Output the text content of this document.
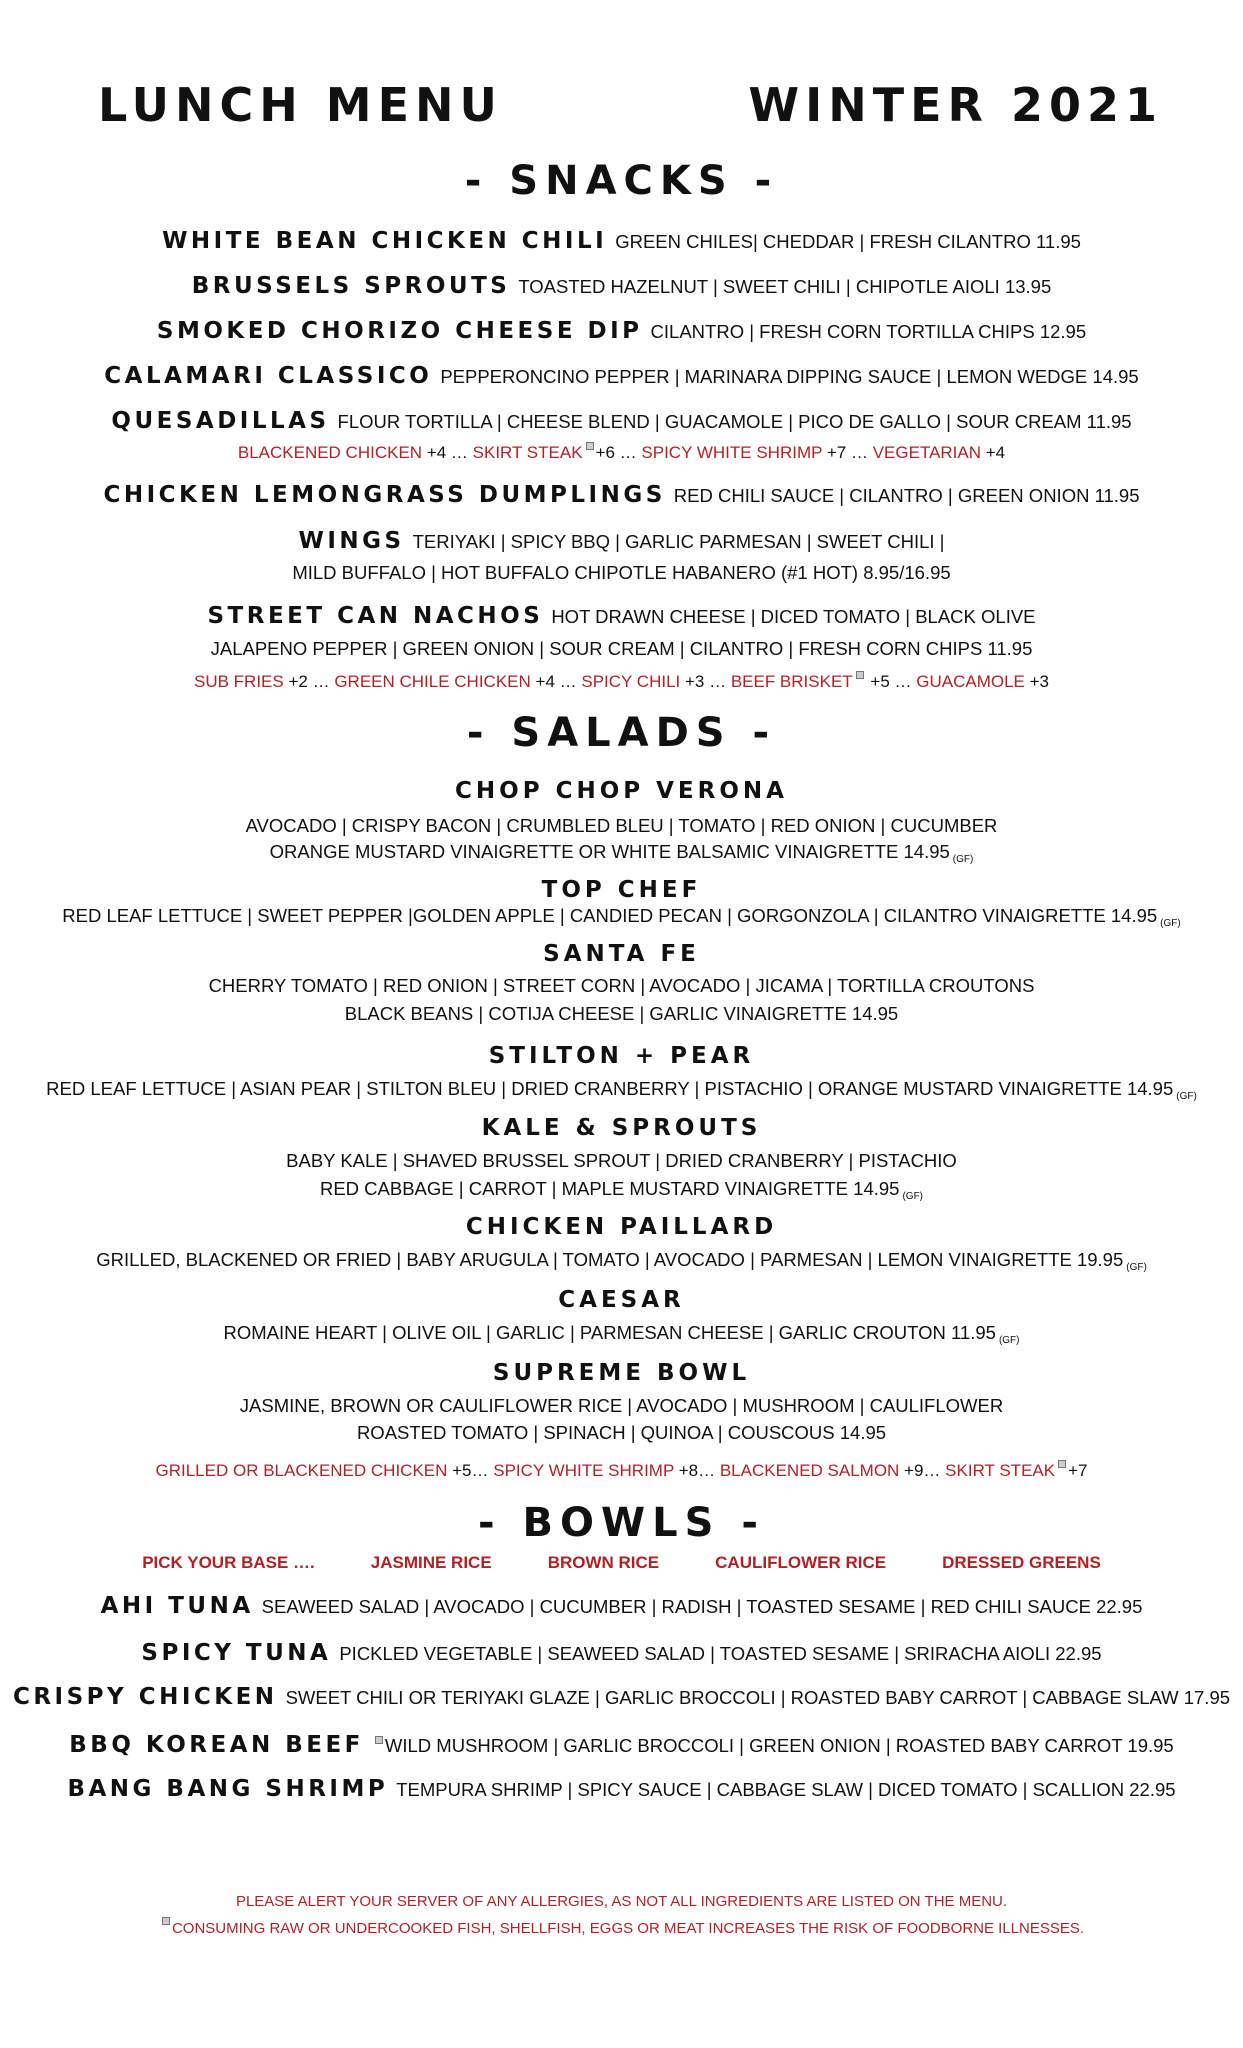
LUNCH MENU	WINTER 2021
- SNACKS -
WHITE BEAN CHICKEN CHILI GREEN CHILES| CHEDDAR | FRESH CILANTRO 11.95
BRUSSELS SPROUTS TOASTED HAZELNUT | SWEET CHILI | CHIPOTLE AIOLI 13.95
SMOKED CHORIZO CHEESE DIP CILANTRO | FRESH CORN TORTILLA CHIPS 12.95
CALAMARI CLASSICO PEPPERONCINO PEPPER | MARINARA DIPPING SAUCE | LEMON WEDGE 14.95
QUESADILLAS FLOUR TORTILLA | CHEESE BLEND | GUACAMOLE | PICO DE GALLO | SOUR CREAM 11.95
BLACKENED CHICKEN +4 … SKIRT STEAK +6 … SPICY WHITE SHRIMP +7 … VEGETARIAN +4
CHICKEN LEMONGRASS DUMPLINGS RED CHILI SAUCE | CILANTRO | GREEN ONION 11.95
WINGS TERIYAKI | SPICY BBQ | GARLIC PARMESAN | SWEET CHILI |
MILD BUFFALO | HOT BUFFALO CHIPOTLE HABANERO (#1 HOT) 8.95/16.95
STREET CAN NACHOS HOT DRAWN CHEESE | DICED TOMATO | BLACK OLIVE
JALAPENO PEPPER | GREEN ONION | SOUR CREAM | CILANTRO | FRESH CORN CHIPS 11.95
SUB FRIES +2 … GREEN CHILE CHICKEN +4 … SPICY CHILI +3 … BEEF BRISKET +5 … GUACAMOLE +3
- SALADS -
CHOP CHOP VERONA
AVOCADO | CRISPY BACON | CRUMBLED BLEU | TOMATO | RED ONION | CUCUMBER
ORANGE MUSTARD VINAIGRETTE OR WHITE BALSAMIC VINAIGRETTE 14.95 $_{(GF)}$
TOP CHEF
RED LEAF LETTUCE | SWEET PEPPER |GOLDEN APPLE | CANDIED PECAN | GORGONZOLA | CILANTRO VINAIGRETTE 14.95 $_{(GF)}$
SANTA FE
CHERRY TOMATO | RED ONION | STREET CORN | AVOCADO | JICAMA | TORTILLA CROUTONS
BLACK BEANS | COTIJA CHEESE | GARLIC VINAIGRETTE 14.95
STILTON + PEAR
RED LEAF LETTUCE | ASIAN PEAR | STILTON BLEU | DRIED CRANBERRY | PISTACHIO | ORANGE MUSTARD VINAIGRETTE 14.95 $_{(GF)}$
KALE & SPROUTS
BABY KALE | SHAVED BRUSSEL SPROUT | DRIED CRANBERRY | PISTACHIO
RED CABBAGE | CARROT | MAPLE MUSTARD VINAIGRETTE 14.95 $_{(GF)}$
CHICKEN PAILLARD
GRILLED, BLACKENED OR FRIED | BABY ARUGULA | TOMATO | AVOCADO | PARMESAN | LEMON VINAIGRETTE 19.95 $_{(GF)}$
CAESAR
ROMAINE HEART | OLIVE OIL | GARLIC | PARMESAN CHEESE | GARLIC CROUTON 11.95 $_{(GF)}$
SUPREME BOWL
JASMINE, BROWN OR CAULIFLOWER RICE | AVOCADO | MUSHROOM | CAULIFLOWER
ROASTED TOMATO | SPINACH | QUINOA | COUSCOUS 14.95
GRILLED OR BLACKENED CHICKEN +5… SPICY WHITE SHRIMP +8… BLACKENED SALMON +9… SKIRT STEAK +7
- BOWLS -
PICK YOUR BASE ….	JASMINE RICE	BROWN RICE	CAULIFLOWER RICE	DRESSED GREENS
AHI TUNA SEAWEED SALAD | AVOCADO | CUCUMBER | RADISH | TOASTED SESAME | RED CHILI SAUCE 22.95
SPICY TUNA PICKLED VEGETABLE | SEAWEED SALAD | TOASTED SESAME | SRIRACHA AIOLI 22.95
CRISPY CHICKEN SWEET CHILI OR TERIYAKI GLAZE | GARLIC BROCCOLI | ROASTED BABY CARROT | CABBAGE SLAW 17.95
BBQ KOREAN BEEF WILD MUSHROOM | GARLIC BROCCOLI | GREEN ONION | ROASTED BABY CARROT 19.95
BANG BANG SHRIMP TEMPURA SHRIMP | SPICY SAUCE | CABBAGE SLAW | DICED TOMATO | SCALLION 22.95
PLEASE ALERT YOUR SERVER OF ANY ALLERGIES, AS NOT ALL INGREDIENTS ARE LISTED ON THE MENU.
CONSUMING RAW OR UNDERCOOKED FISH, SHELLFISH, EGGS OR MEAT INCREASES THE RISK OF FOODBORNE ILLNESSES.
